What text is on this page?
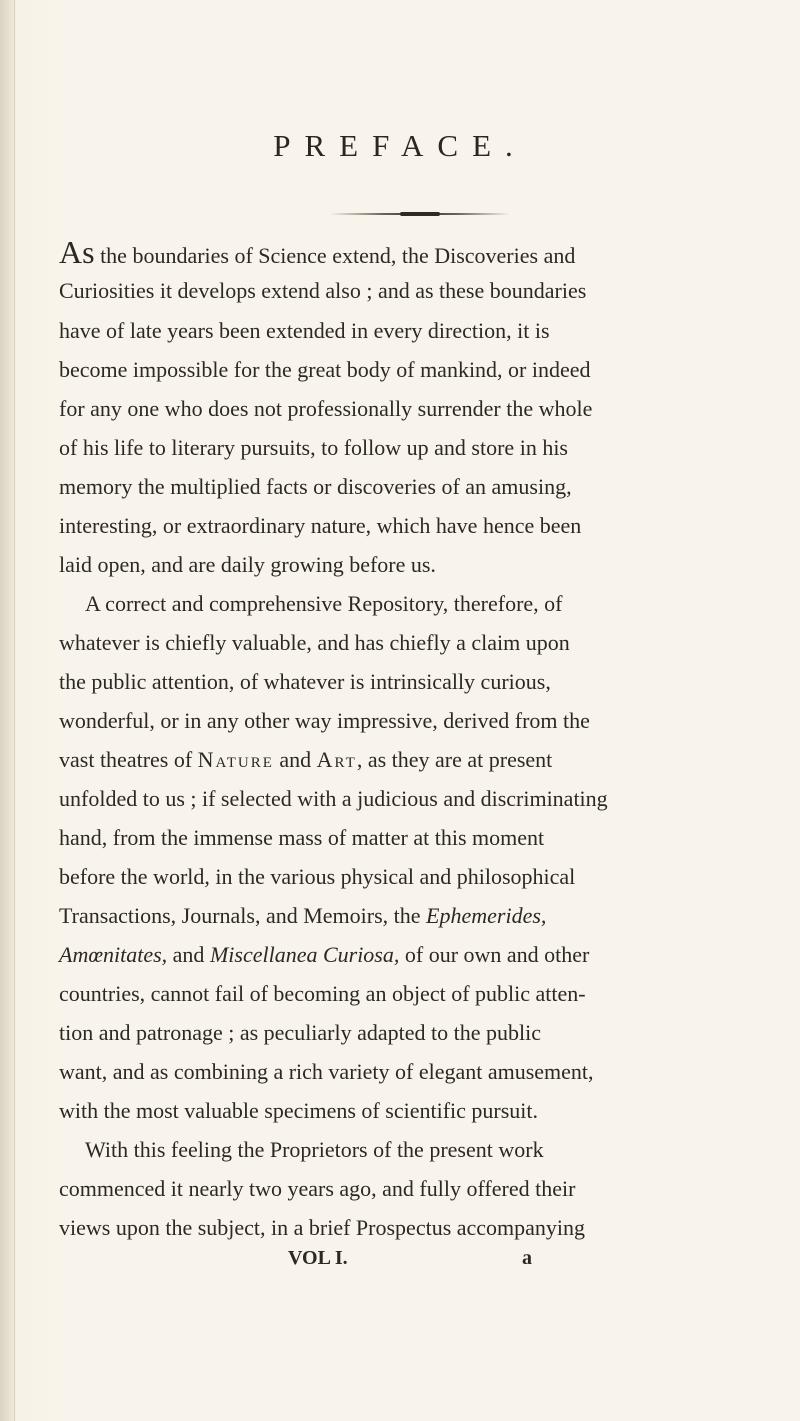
PREFACE.
As the boundaries of Science extend, the Discoveries and
Curiosities it develops extend also ; and as these boundaries
have of late years been extended in every direction, it is
become impossible for the great body of mankind, or indeed
for any one who does not professionally surrender the whole
of his life to literary pursuits, to follow up and store in his
memory the multiplied facts or discoveries of an amusing,
interesting, or extraordinary nature, which have hence been
laid open, and are daily growing before us.
A correct and comprehensive Repository, therefore, of
whatever is chiefly valuable, and has chiefly a claim upon
the public attention, of whatever is intrinsically curious,
wonderful, or in any other way impressive, derived from the
vast theatres of Nature and Art, as they are at present
unfolded to us ; if selected with a judicious and discriminating
hand, from the immense mass of matter at this moment
before the world, in the various physical and philosophical
Transactions, Journals, and Memoirs, the Ephemerides,
Amœnitates, and Miscellanea Curiosa, of our own and other
countries, cannot fail of becoming an object of public atten-
tion and patronage ; as peculiarly adapted to the public
want, and as combining a rich variety of elegant amusement,
with the most valuable specimens of scientific pursuit.
With this feeling the Proprietors of the present work
commenced it nearly two years ago, and fully offered their
views upon the subject, in a brief Prospectus accompanying
VOL I.	a
